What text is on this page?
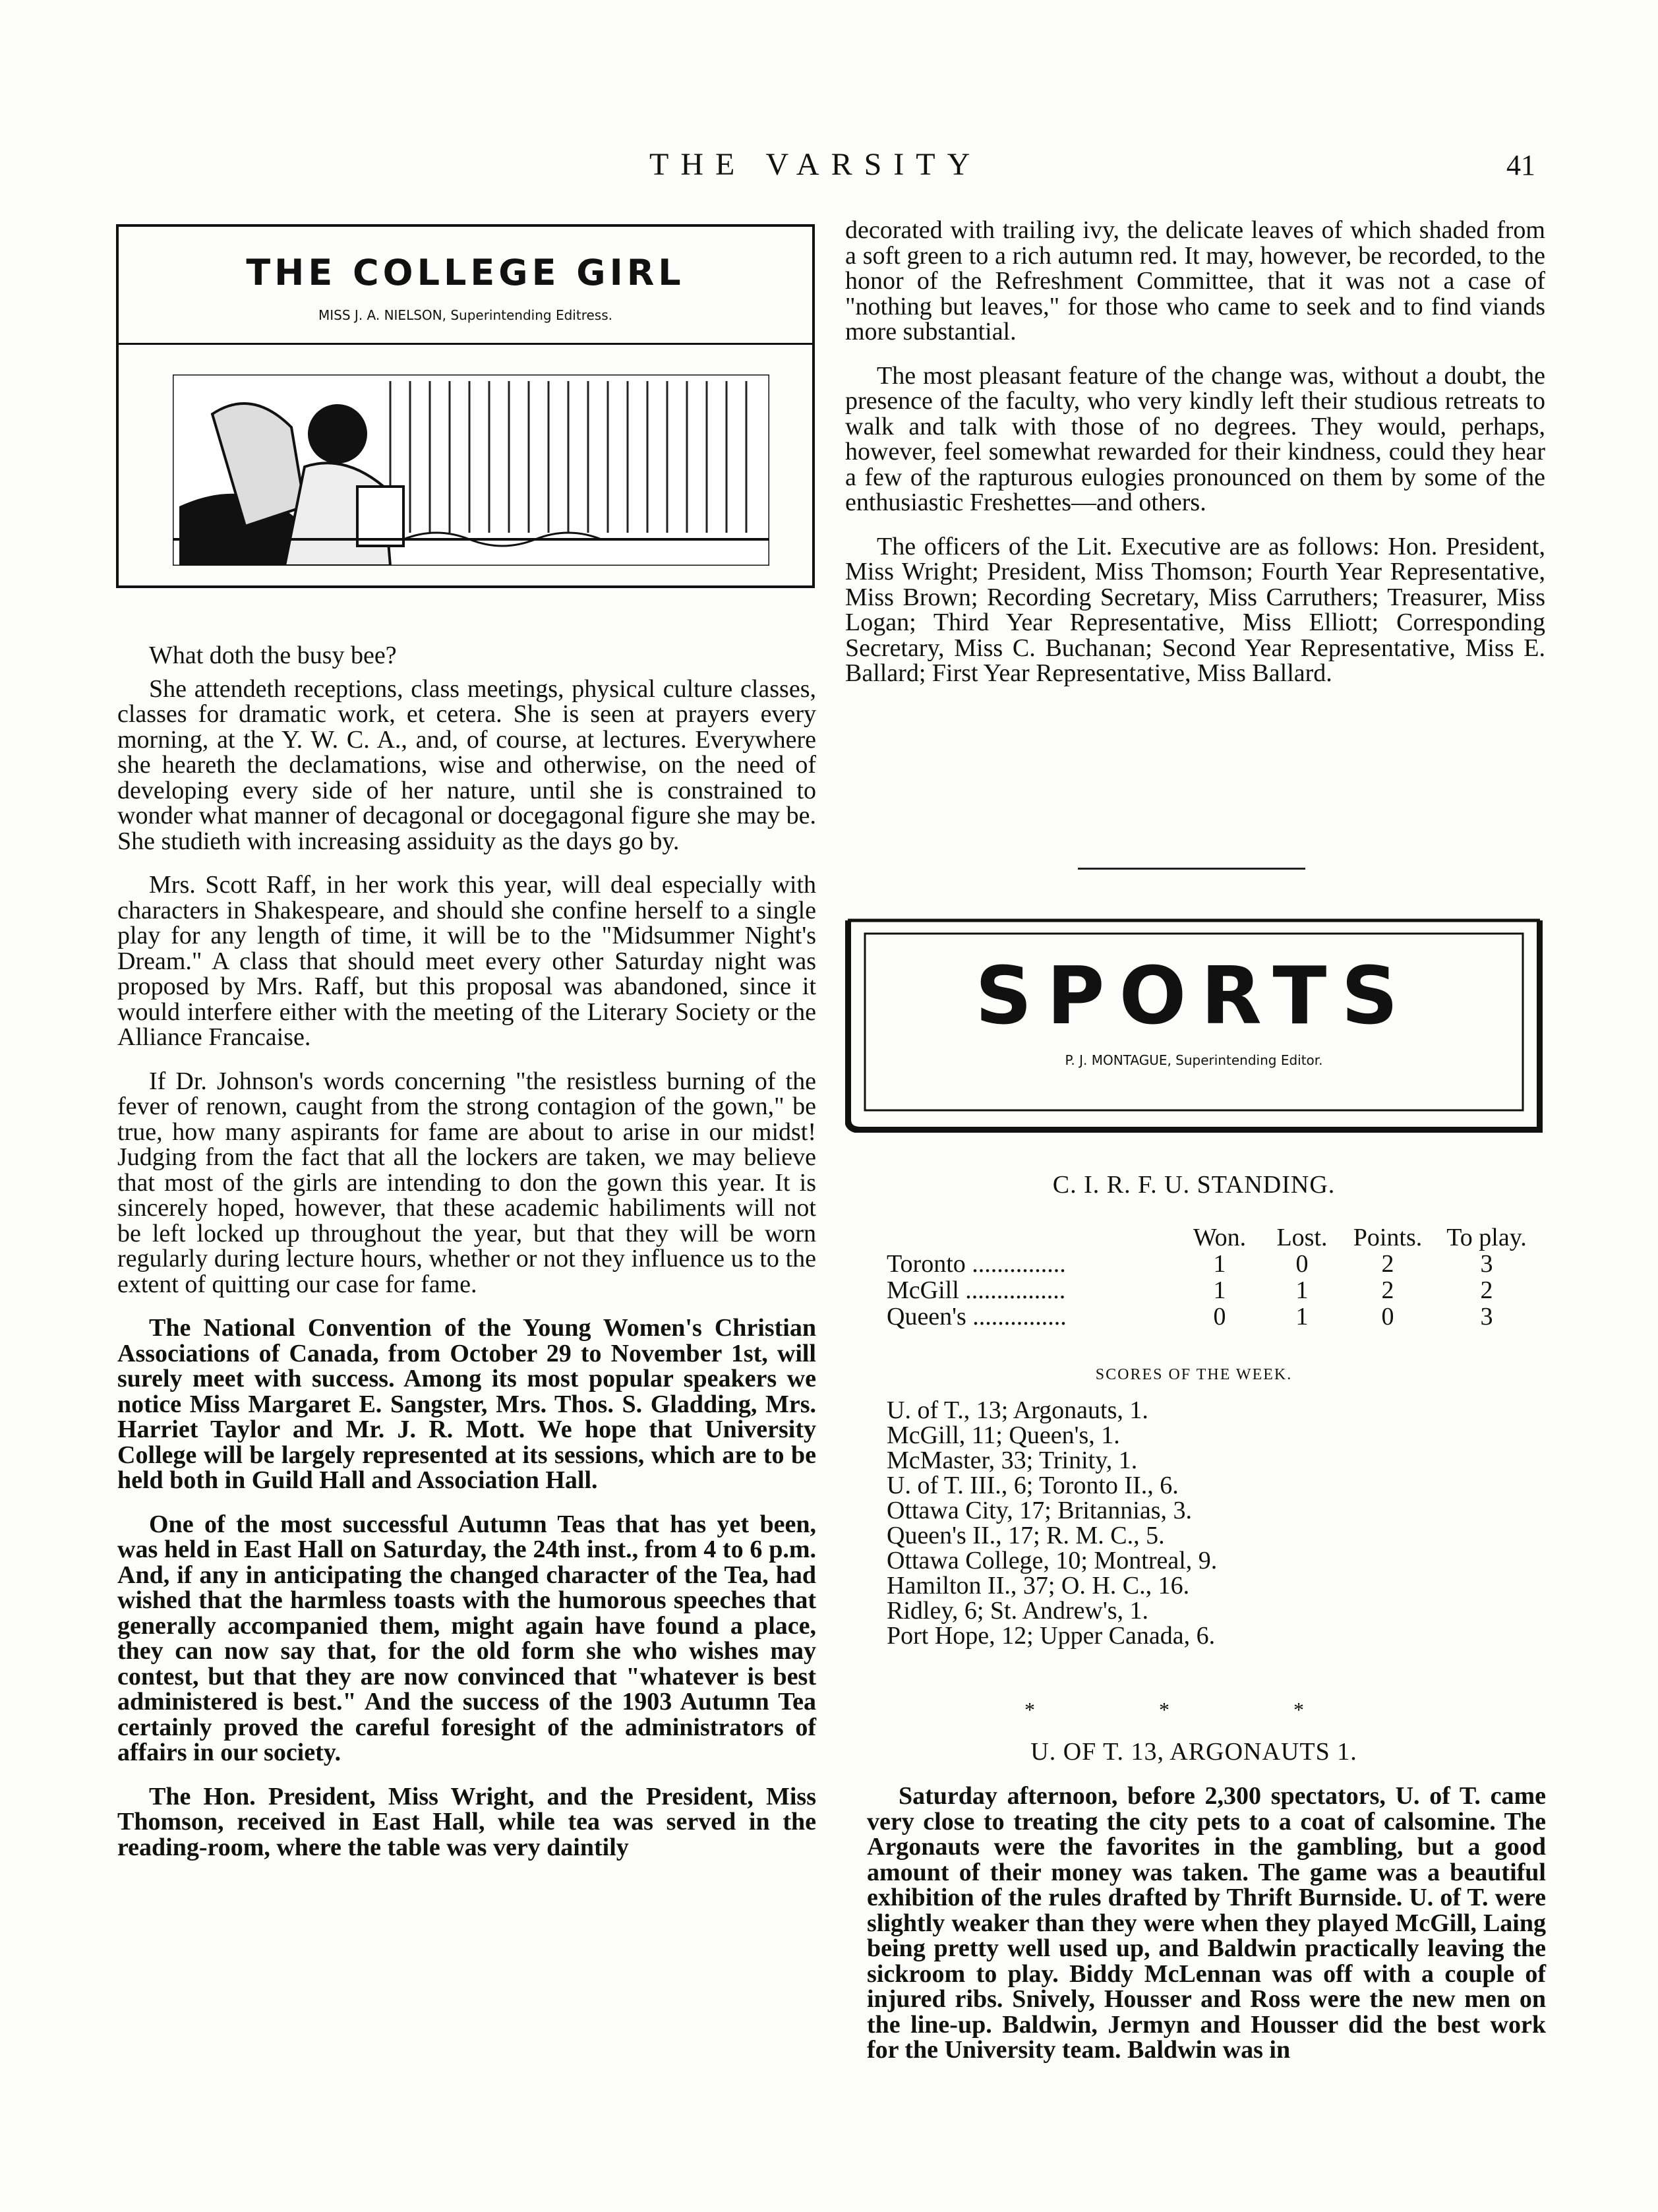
THE VARSITY	41
THE COLLEGE GIRL
MISS J. A. NIELSON, Superintending Editress.

What doth the busy bee?

She attendeth receptions, class meetings, physical culture classes, classes for dramatic work, et cetera. She is seen at prayers every morning, at the Y. W. C. A., and, of course, at lectures. Everywhere she heareth the declamations, wise and otherwise, on the need of developing every side of her nature, until she is constrained to wonder what manner of decagonal or docegagonal figure she may be. She studieth with increasing assiduity as the days go by.

Mrs. Scott Raff, in her work this year, will deal especially with characters in Shakespeare, and should she confine herself to a single play for any length of time, it will be to the "Midsummer Night's Dream." A class that should meet every other Saturday night was proposed by Mrs. Raff, but this proposal was abandoned, since it would interfere either with the meeting of the Literary Society or the Alliance Francaise.

If Dr. Johnson's words concerning "the resistless burning of the fever of renown, caught from the strong contagion of the gown," be true, how many aspirants for fame are about to arise in our midst! Judging from the fact that all the lockers are taken, we may believe that most of the girls are intending to don the gown this year. It is sincerely hoped, however, that these academic habiliments will not be left locked up throughout the year, but that they will be worn regularly during lecture hours, whether or not they influence us to the extent of quitting our case for fame.

The National Convention of the Young Women's Christian Associations of Canada, from October 29 to November 1st, will surely meet with success. Among its most popular speakers we notice Miss Margaret E. Sangster, Mrs. Thos. S. Gladding, Mrs. Harriet Taylor and Mr. J. R. Mott. We hope that University College will be largely represented at its sessions, which are to be held both in Guild Hall and Association Hall.

One of the most successful Autumn Teas that has yet been, was held in East Hall on Saturday, the 24th inst., from 4 to 6 p.m. And, if any in anticipating the changed character of the Tea, had wished that the harmless toasts with the humorous speeches that generally accompanied them, might again have found a place, they can now say that, for the old form she who wishes may contest, but that they are now convinced that "whatever is best administered is best." And the success of the 1903 Autumn Tea certainly proved the careful foresight of the administrators of affairs in our society.

The Hon. President, Miss Wright, and the President, Miss Thomson, received in East Hall, while tea was served in the reading-room, where the table was very daintily

decorated with trailing ivy, the delicate leaves of which shaded from a soft green to a rich autumn red. It may, however, be recorded, to the honor of the Refreshment Committee, that it was not a case of "nothing but leaves," for those who came to seek and to find viands more substantial.

The most pleasant feature of the change was, without a doubt, the presence of the faculty, who very kindly left their studious retreats to walk and talk with those of no degrees. They would, perhaps, however, feel somewhat rewarded for their kindness, could they hear a few of the rapturous eulogies pronounced on them by some of the enthusiastic Freshettes—and others.

The officers of the Lit. Executive are as follows: Hon. President, Miss Wright; President, Miss Thomson; Fourth Year Representative, Miss Brown; Recording Secretary, Miss Carruthers; Treasurer, Miss Logan; Third Year Representative, Miss Elliott; Corresponding Secretary, Miss C. Buchanan; Second Year Representative, Miss E. Ballard; First Year Representative, Miss Ballard.

SPORTS
P. J. MONTAGUE, Superintending Editor.
C. I. R. F. U. STANDING.
Won.	Lost.	Points. To play.
Toronto ...............	1	0	2	3
McGill ................	1	1	2	2
Queen's ...............	0	1	0	3
SCORES OF THE WEEK.
U. of T., 13; Argonauts, 1.
McGill, 11; Queen's, 1.
McMaster, 33; Trinity, 1.
U. of T. III., 6; Toronto II., 6.
Ottawa City, 17; Britannias, 3.
Queen's II., 17; R. M. C., 5.
Ottawa College, 10; Montreal, 9.
Hamilton II., 37; O. H. C., 16.
Ridley, 6; St. Andrew's, 1.
Port Hope, 12; Upper Canada, 6.
* * *
U. OF T. 13, ARGONAUTS 1.

Saturday afternoon, before 2,300 spectators, U. of T. came very close to treating the city pets to a coat of calsomine. The Argonauts were the favorites in the gambling, but a good amount of their money was taken. The game was a beautiful exhibition of the rules drafted by Thrift Burnside. U. of T. were slightly weaker than they were when they played McGill, Laing being pretty well used up, and Baldwin practically leaving the sickroom to play. Biddy McLennan was off with a couple of injured ribs. Snively, Housser and Ross were the new men on the line-up. Baldwin, Jermyn and Housser did the best work for the University team. Baldwin was in
